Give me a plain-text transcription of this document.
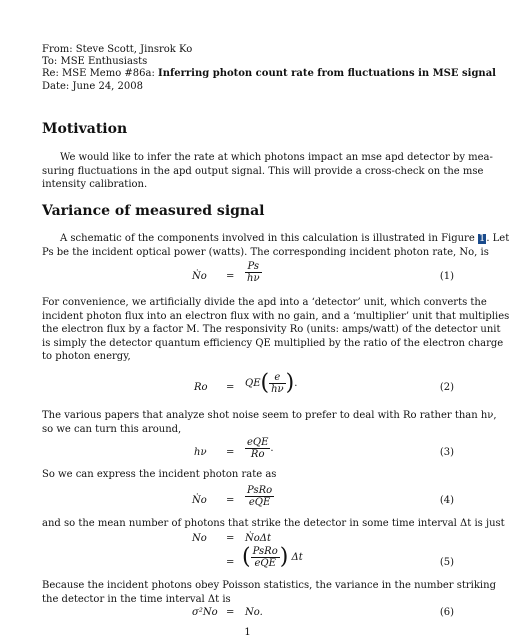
From: Steve Scott, Jinsrok Ko
To: MSE Enthusiasts
Re: MSE Memo #86a: Inferring photon count rate from fluctuations in MSE signal
Date: June 24, 2008
Motivation
We would like to infer the rate at which photons impact an mse apd detector by mea-
suring fluctuations in the apd output signal. This will provide a cross-check on the mse
intensity calibration.
Variance of measured signal
A schematic of the components involved in this calculation is illustrated in Figure 1. Let
Ps be the incident optical power (watts). The corresponding incident photon rate, No, is
Ṅo = $\frac{Ps}{h\nu}$	(1)
For convenience, we artificially divide the apd into a ‘detector’ unit, which converts the
incident photon flux into an electron flux with no gain, and a ‘multiplier’ unit that multiplies
the electron flux by a factor M. The responsivity Ro (units: amps/watt) of the detector unit
is simply the detector quantum efficiency QE multiplied by the ratio of the electron charge
to photon energy,
$Ro = QE( \frac{e}{h\nu}$ ).	(2)
The various papers that analyze shot noise seem to prefer to deal with Ro rather than hν,
so we can turn this around,
$h\nu = \frac{\text{eQE}}{Ro}$ .	(3)
So we can express the incident photon rate as
Ṅo = $\frac{\text{PsRo}}{\text{eQE}}$	(4)
and so the mean number of photons that strike the detector in some time interval Δt is just
No = ṄoΔt
= ( $\frac{\text{PsRo}}{\text{eQE}}$ ) Δt	(5)
Because the incident photons obey Poisson statistics, the variance in the number striking
the detector in the time interval Δt is
σ²No = No.	(6)
1
